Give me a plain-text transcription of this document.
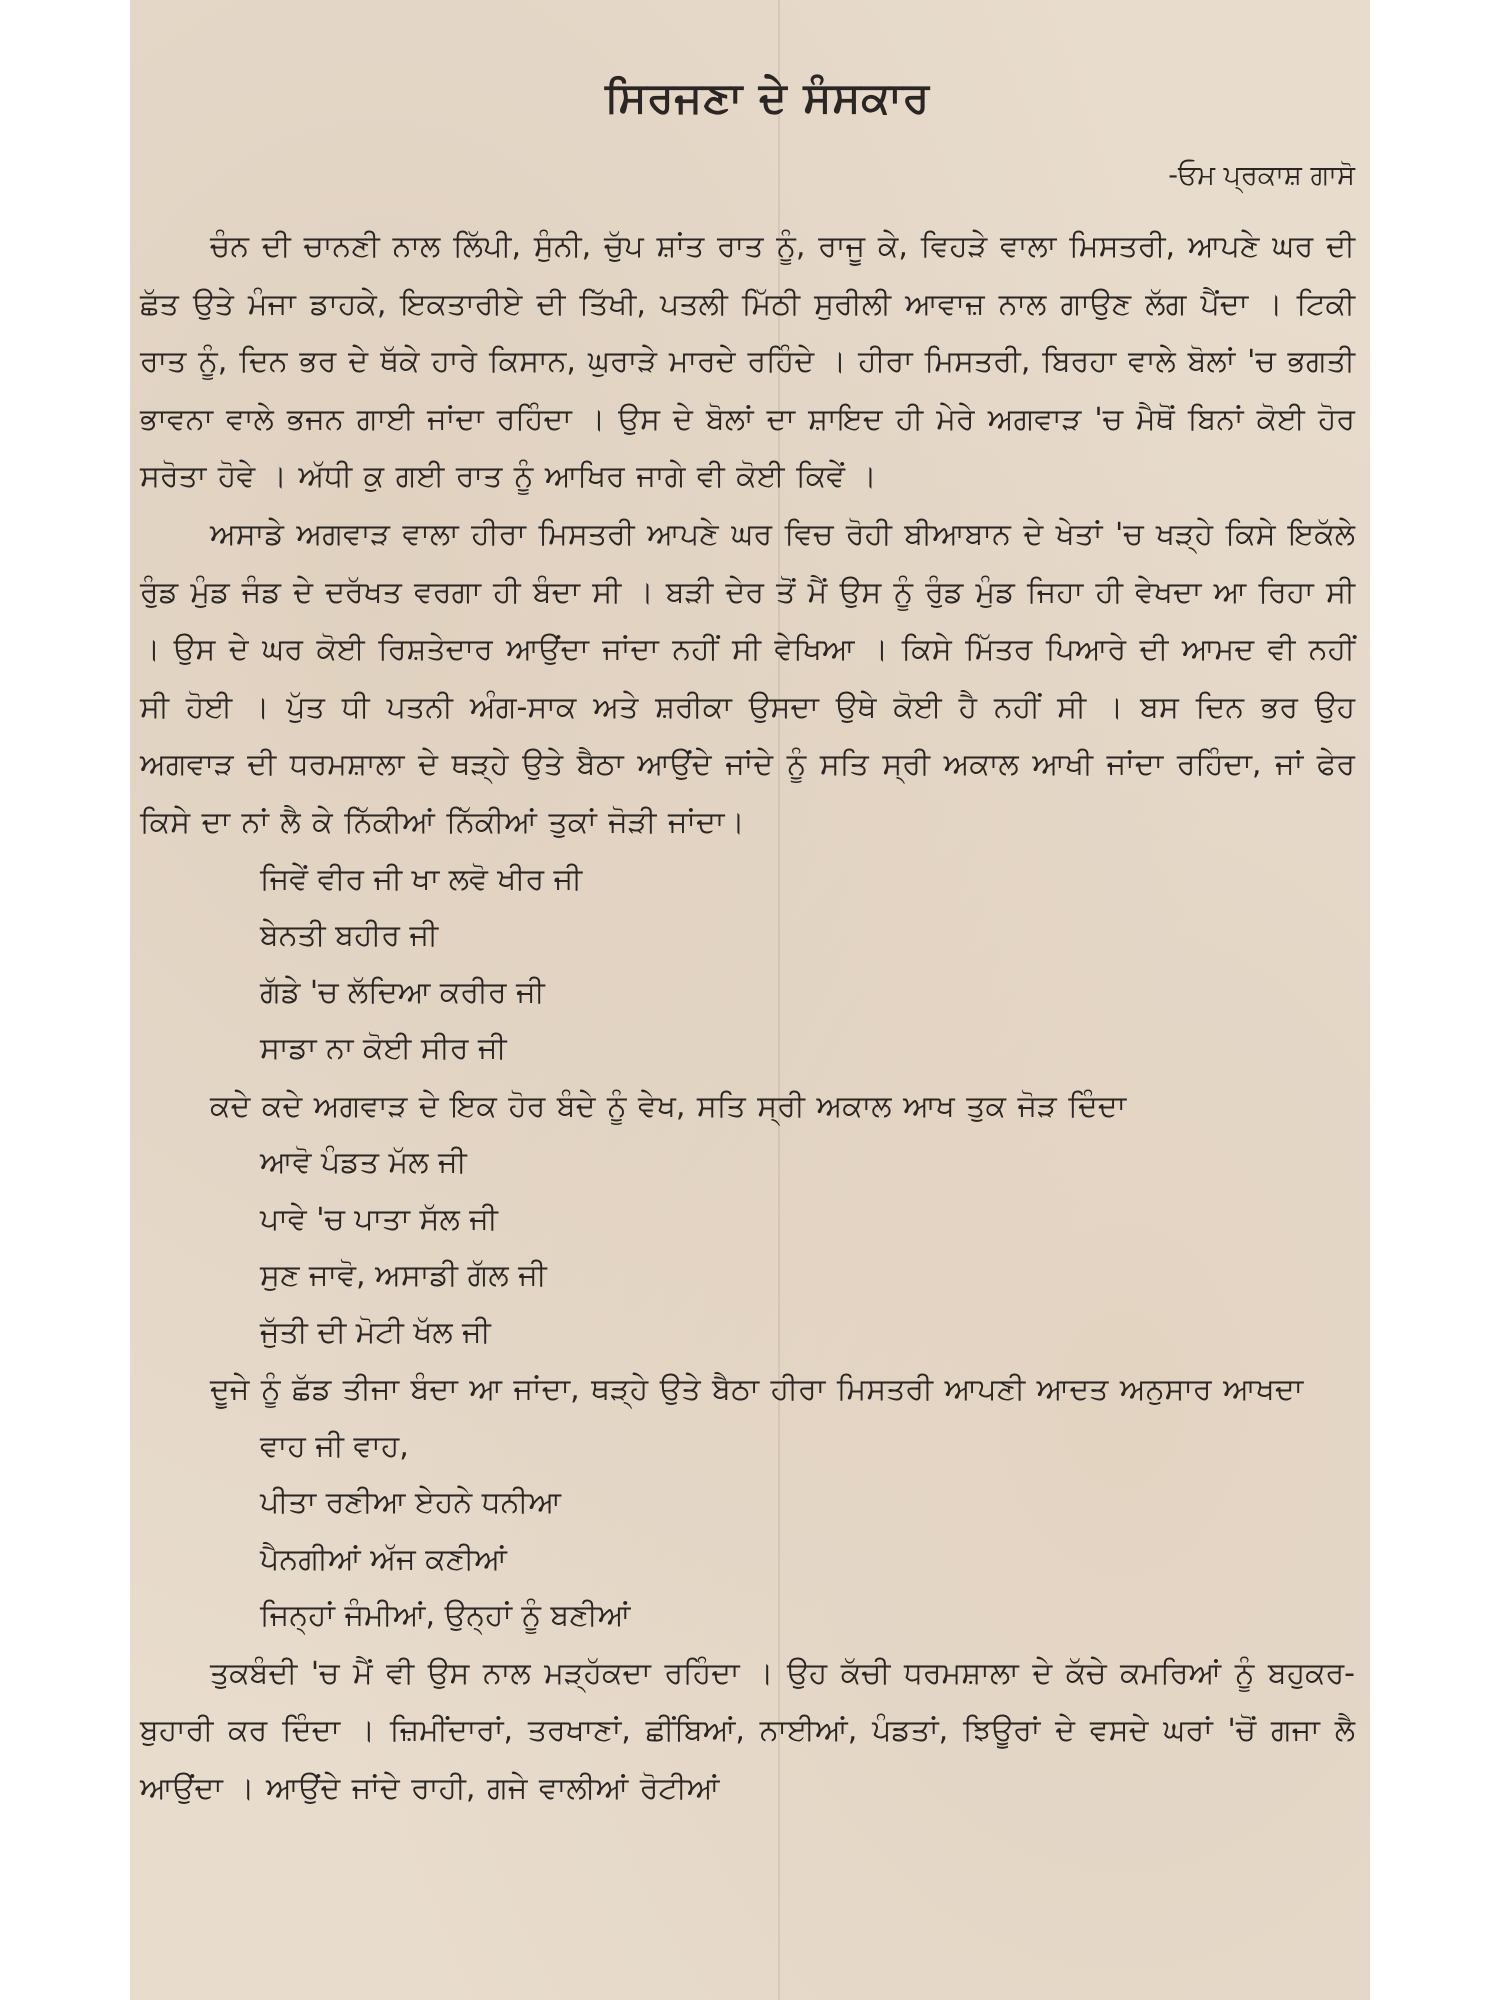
ਸਿਰਜਣਾ ਦੇ ਸੰਸਕਾਰ

-ਓਮ ਪ੍ਰਕਾਸ਼ ਗਾਸੋ

ਚੰਨ ਦੀ ਚਾਨਣੀ ਨਾਲ ਲਿੱਪੀ, ਸੁੰਨੀ, ਚੁੱਪ ਸ਼ਾਂਤ ਰਾਤ ਨੂੰ, ਰਾਜੂ ਕੇ, ਵਿਹੜੇ ਵਾਲਾ ਮਿਸਤਰੀ, ਆਪਣੇ ਘਰ ਦੀ ਛੱਤ ਉਤੇ ਮੰਜਾ ਡਾਹਕੇ, ਇਕਤਾਰੀਏ ਦੀ ਤਿੱਖੀ, ਪਤਲੀ ਮਿੱਠੀ ਸੁਰੀਲੀ ਆਵਾਜ਼ ਨਾਲ ਗਾਉਣ ਲੱਗ ਪੈਂਦਾ । ਟਿਕੀ ਰਾਤ ਨੂੰ, ਦਿਨ ਭਰ ਦੇ ਥੱਕੇ ਹਾਰੇ ਕਿਸਾਨ, ਘੁਰਾੜੇ ਮਾਰਦੇ ਰਹਿੰਦੇ । ਹੀਰਾ ਮਿਸਤਰੀ, ਬਿਰਹਾ ਵਾਲੇ ਬੋਲਾਂ 'ਚ ਭਗਤੀ ਭਾਵਨਾ ਵਾਲੇ ਭਜਨ ਗਾਈ ਜਾਂਦਾ ਰਹਿੰਦਾ । ਉਸ ਦੇ ਬੋਲਾਂ ਦਾ ਸ਼ਾਇਦ ਹੀ ਮੇਰੇ ਅਗਵਾੜ 'ਚ ਮੈਥੋਂ ਬਿਨਾਂ ਕੋਈ ਹੋਰ ਸਰੋਤਾ ਹੋਵੇ । ਅੱਧੀ ਕੁ ਗਈ ਰਾਤ ਨੂੰ ਆਖਿਰ ਜਾਗੇ ਵੀ ਕੋਈ ਕਿਵੇਂ ।

ਅਸਾਡੇ ਅਗਵਾੜ ਵਾਲਾ ਹੀਰਾ ਮਿਸਤਰੀ ਆਪਣੇ ਘਰ ਵਿਚ ਰੋਹੀ ਬੀਆਬਾਨ ਦੇ ਖੇਤਾਂ 'ਚ ਖੜ੍ਹੇ ਕਿਸੇ ਇਕੱਲੇ ਰੁੰਡ ਮੁੰਡ ਜੰਡ ਦੇ ਦਰੱਖਤ ਵਰਗਾ ਹੀ ਬੰਦਾ ਸੀ । ਬੜੀ ਦੇਰ ਤੋਂ ਮੈਂ ਉਸ ਨੂੰ ਰੁੰਡ ਮੁੰਡ ਜਿਹਾ ਹੀ ਵੇਖਦਾ ਆ ਰਿਹਾ ਸੀ । ਉਸ ਦੇ ਘਰ ਕੋਈ ਰਿਸ਼ਤੇਦਾਰ ਆਉਂਦਾ ਜਾਂਦਾ ਨਹੀਂ ਸੀ ਵੇਖਿਆ । ਕਿਸੇ ਮਿੱਤਰ ਪਿਆਰੇ ਦੀ ਆਮਦ ਵੀ ਨਹੀਂ ਸੀ ਹੋਈ । ਪੁੱਤ ਧੀ ਪਤਨੀ ਅੰਗ-ਸਾਕ ਅਤੇ ਸ਼ਰੀਕਾ ਉਸਦਾ ਉਥੇ ਕੋਈ ਹੈ ਨਹੀਂ ਸੀ । ਬਸ ਦਿਨ ਭਰ ਉਹ ਅਗਵਾੜ ਦੀ ਧਰਮਸ਼ਾਲਾ ਦੇ ਥੜ੍ਹੇ ਉਤੇ ਬੈਠਾ ਆਉਂਦੇ ਜਾਂਦੇ ਨੂੰ ਸਤਿ ਸ੍ਰੀ ਅਕਾਲ ਆਖੀ ਜਾਂਦਾ ਰਹਿੰਦਾ, ਜਾਂ ਫੇਰ ਕਿਸੇ ਦਾ ਨਾਂ ਲੈ ਕੇ ਨਿੱਕੀਆਂ ਨਿੱਕੀਆਂ ਤੁਕਾਂ ਜੋੜੀ ਜਾਂਦਾ।

ਜਿਵੇਂ ਵੀਰ ਜੀ ਖਾ ਲਵੋ ਖੀਰ ਜੀ

ਬੇਨਤੀ ਬਹੀਰ ਜੀ

ਗੱਡੇ 'ਚ ਲੱਦਿਆ ਕਰੀਰ ਜੀ

ਸਾਡਾ ਨਾ ਕੋਈ ਸੀਰ ਜੀ

ਕਦੇ ਕਦੇ ਅਗਵਾੜ ਦੇ ਇਕ ਹੋਰ ਬੰਦੇ ਨੂੰ ਵੇਖ, ਸਤਿ ਸ੍ਰੀ ਅਕਾਲ ਆਖ ਤੁਕ ਜੋੜ ਦਿੰਦਾ

ਆਵੋ ਪੰਡਤ ਮੱਲ ਜੀ

ਪਾਵੇ 'ਚ ਪਾਤਾ ਸੱਲ ਜੀ

ਸੁਣ ਜਾਵੋ, ਅਸਾਡੀ ਗੱਲ ਜੀ

ਜੁੱਤੀ ਦੀ ਮੋਟੀ ਖੱਲ ਜੀ

ਦੂਜੇ ਨੂੰ ਛੱਡ ਤੀਜਾ ਬੰਦਾ ਆ ਜਾਂਦਾ, ਥੜ੍ਹੇ ਉਤੇ ਬੈਠਾ ਹੀਰਾ ਮਿਸਤਰੀ ਆਪਣੀ ਆਦਤ ਅਨੁਸਾਰ ਆਖਦਾ

ਵਾਹ ਜੀ ਵਾਹ,

ਪੀਤਾ ਰਣੀਆ ਏਹਨੇ ਧਨੀਆ

ਪੈਨਗੀਆਂ ਅੱਜ ਕਣੀਆਂ

ਜਿਨ੍ਹਾਂ ਜੰਮੀਆਂ, ਉਨ੍ਹਾਂ ਨੂੰ ਬਣੀਆਂ

ਤੁਕਬੰਦੀ 'ਚ ਮੈਂ ਵੀ ਉਸ ਨਾਲ ਮੜ੍ਹੱਕਦਾ ਰਹਿੰਦਾ । ਉਹ ਕੱਚੀ ਧਰਮਸ਼ਾਲਾ ਦੇ ਕੱਚੇ ਕਮਰਿਆਂ ਨੂੰ ਬਹੁਕਰ-ਬੁਹਾਰੀ ਕਰ ਦਿੰਦਾ । ਜ਼ਿਮੀਂਦਾਰਾਂ, ਤਰਖਾਣਾਂ, ਛੀਂਬਿਆਂ, ਨਾਈਆਂ, ਪੰਡਤਾਂ, ਝਿਊਰਾਂ ਦੇ ਵਸਦੇ ਘਰਾਂ 'ਚੋਂ ਗਜਾ ਲੈ ਆਉਂਦਾ । ਆਉਂਦੇ ਜਾਂਦੇ ਰਾਹੀ, ਗਜੇ ਵਾਲੀਆਂ ਰੋਟੀਆਂ
